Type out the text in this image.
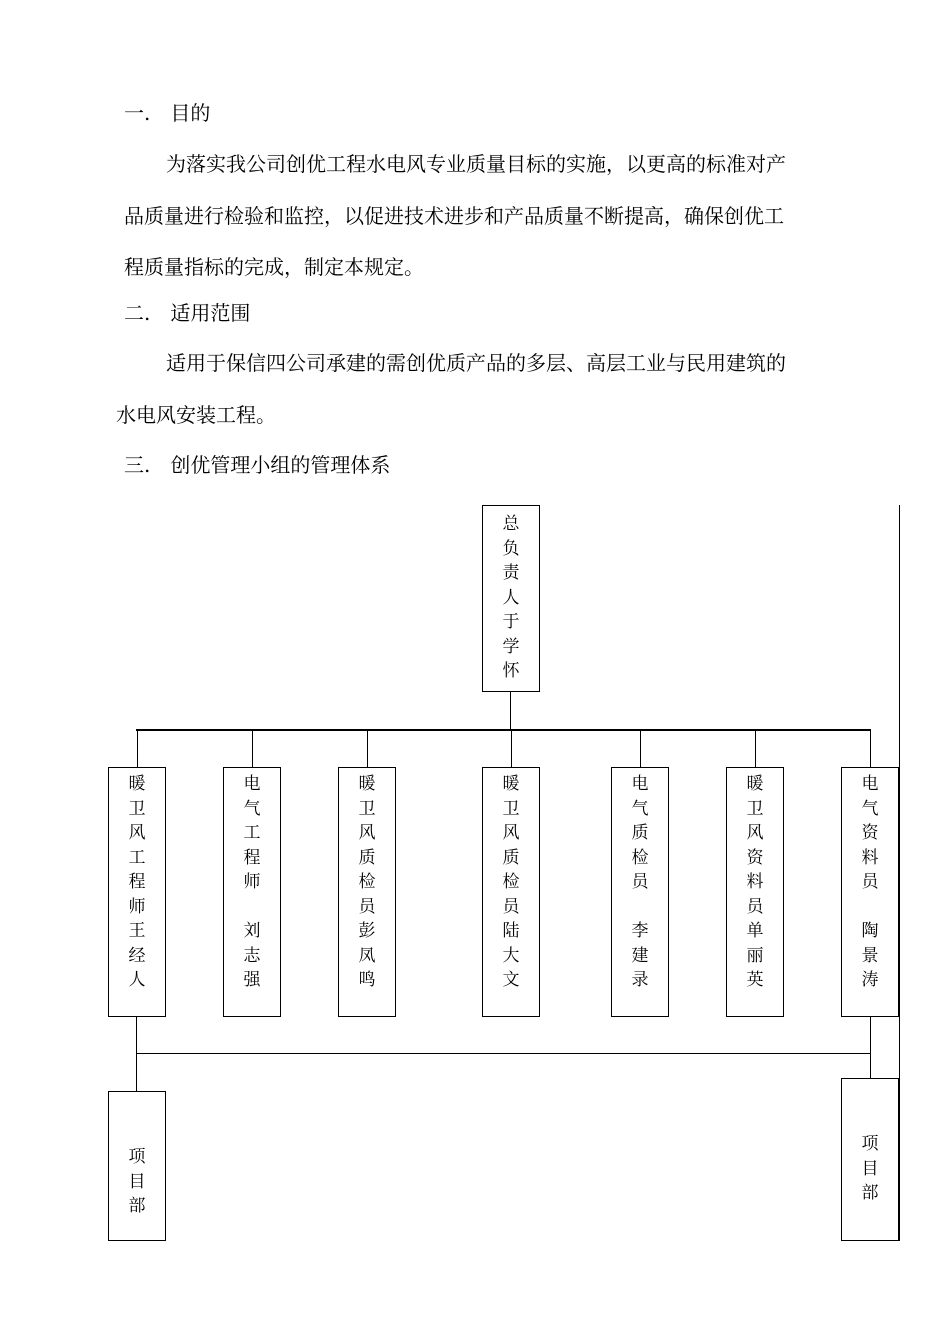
一.　目的
为落实我公司创优工程水电风专业质量目标的实施，以更高的标准对产
品质量进行检验和监控，以促进技术进步和产品质量不断提高，确保创优工
程质量指标的完成，制定本规定。
二.　适用范围
适用于保信四公司承建的需创优质产品的多层、高层工业与民用建筑的
水电风安装工程。
三.　创优管理小组的管理体系
总
负
责
人
于
学
怀
暖
卫
风
工
程
师
王
经
人
电
气
工
程
师
刘
志
强
暖
卫
风
质
检
员
彭
凤
鸣
暖
卫
风
质
检
员
陆
大
文
电
气
质
检
员
李
建
录
暖
卫
风
资
料
员
单
丽
英
电
气
资
料
员
陶
景
涛
项
目
部
项
目
部
